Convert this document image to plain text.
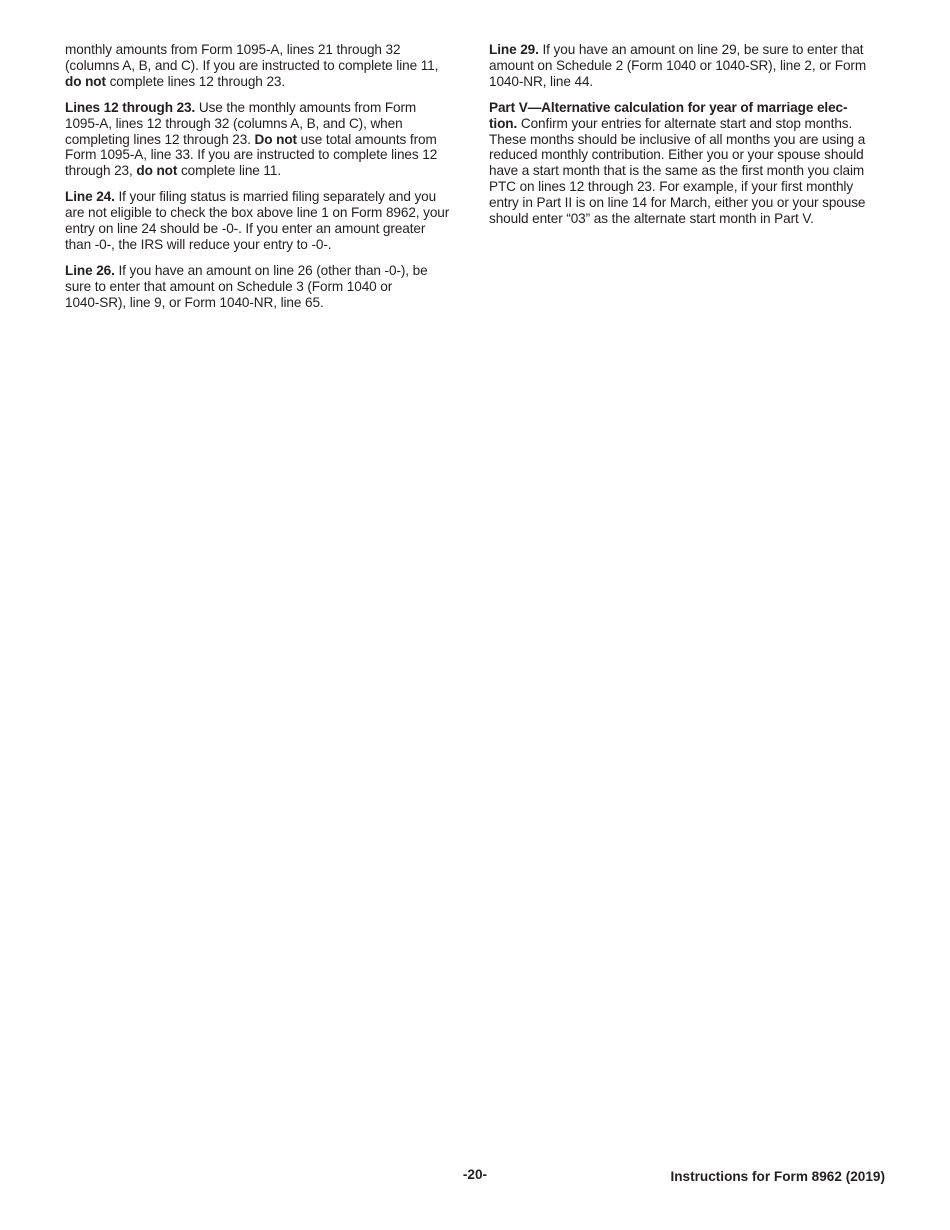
monthly amounts from Form 1095-A, lines 21 through 32
(columns A, B, and C). If you are instructed to complete line 11,
do not complete lines 12 through 23.

Lines 12 through 23. Use the monthly amounts from Form
1095-A, lines 12 through 32 (columns A, B, and C), when
completing lines 12 through 23. Do not use total amounts from
Form 1095-A, line 33. If you are instructed to complete lines 12
through 23, do not complete line 11.

Line 24. If your filing status is married filing separately and you
are not eligible to check the box above line 1 on Form 8962, your
entry on line 24 should be -0-. If you enter an amount greater
than -0-, the IRS will reduce your entry to -0-.

Line 26. If you have an amount on line 26 (other than -0-), be
sure to enter that amount on Schedule 3 (Form 1040 or
1040-SR), line 9, or Form 1040-NR, line 65.

Line 29. If you have an amount on line 29, be sure to enter that
amount on Schedule 2 (Form 1040 or 1040-SR), line 2, or Form
1040-NR, line 44.

Part V—Alternative calculation for year of marriage elec-
tion. Confirm your entries for alternate start and stop months.
These months should be inclusive of all months you are using a
reduced monthly contribution. Either you or your spouse should
have a start month that is the same as the first month you claim
PTC on lines 12 through 23. For example, if your first monthly
entry in Part II is on line 14 for March, either you or your spouse
should enter “03” as the alternate start month in Part V.

-20-	Instructions for Form 8962 (2019)
